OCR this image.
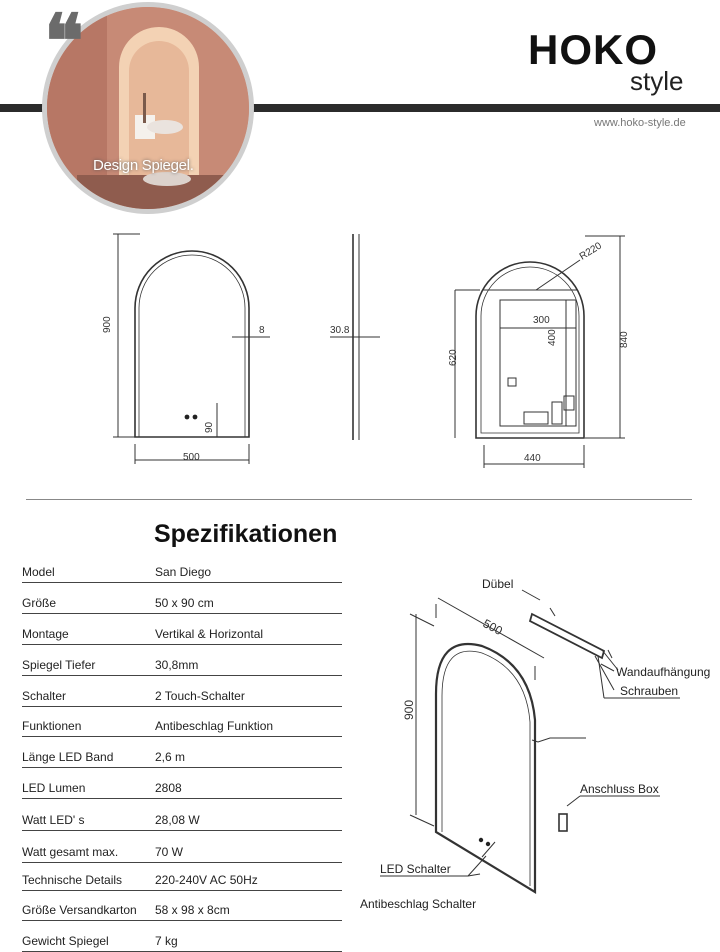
Design Spiegel.
❝	HOKO
style
www.hoko-style.de
900
500
8
90
30.8
R220
300
400
620
840
440
Spezifikationen
Model	San Diego
Größe	50 x 90 cm
Montage	Vertikal & Horizontal
Spiegel Tiefer	30,8mm
Schalter	2 Touch-Schalter
Funktionen	Antibeschlag Funktion
Länge LED Band	2,6 m
LED Lumen	2808
Watt LED' s	28,08 W
Watt gesamt max.	70 W
Technische Details	220-240V AC 50Hz
Größe Versandkarton 58 x 98 x 8cm
Gewicht Spiegel	7 kg
900
500
Dübel
Wandaufhängung
Schrauben
Anschluss Box
LED Schalter
Antibeschlag Schalter
